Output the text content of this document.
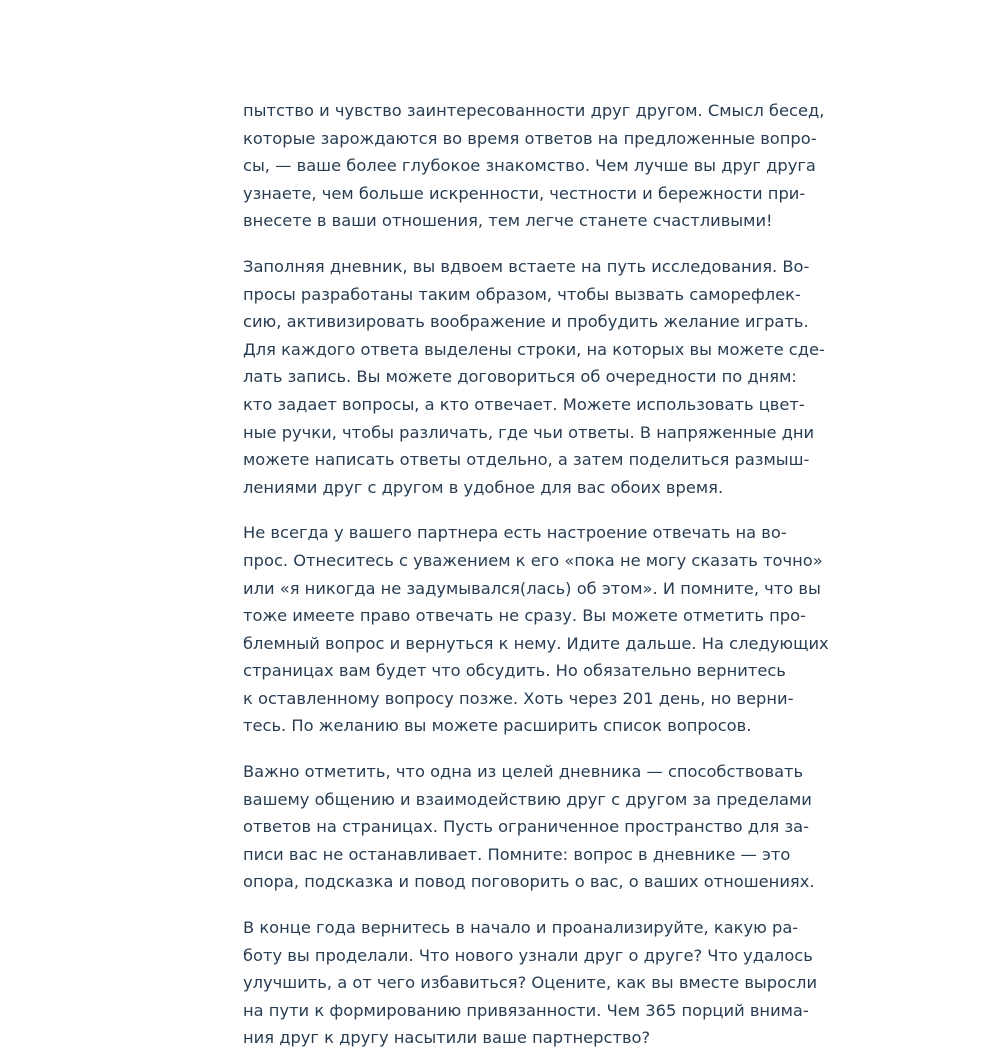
пытство и чувство заинтересованности друг другом. Смысл бесед,
которые зарождаются во время ответов на предложенные вопро-
сы, — ваше более глубокое знакомство. Чем лучше вы друг друга
узнаете, чем больше искренности, честности и бережности при-
внесете в ваши отношения, тем легче станете счастливыми!

Заполняя дневник, вы вдвоем встаете на путь исследования. Во-
просы разработаны таким образом, чтобы вызвать саморефлек-
сию, активизировать воображение и пробудить желание играть.
Для каждого ответа выделены строки, на которых вы можете сде-
лать запись. Вы можете договориться об очередности по дням:
кто задает вопросы, а кто отвечает. Можете использовать цвет-
ные ручки, чтобы различать, где чьи ответы. В напряженные дни
можете написать ответы отдельно, а затем поделиться размыш-
лениями друг с другом в удобное для вас обоих время.

Не всегда у вашего партнера есть настроение отвечать на во-
прос. Отнеситесь с уважением к его «пока не могу сказать точно»
или «я никогда не задумывался(лась) об этом». И помните, что вы
тоже имеете право отвечать не сразу. Вы можете отметить про-
блемный вопрос и вернуться к нему. Идите дальше. На следующих
страницах вам будет что обсудить. Но обязательно вернитесь
к оставленному вопросу позже. Хоть через 201 день, но верни-
тесь. По желанию вы можете расширить список вопросов.

Важно отметить, что одна из целей дневника — способствовать
вашему общению и взаимодействию друг с другом за пределами
ответов на страницах. Пусть ограниченное пространство для за-
писи вас не останавливает. Помните: вопрос в дневнике — это
опора, подсказка и повод поговорить о вас, о ваших отношениях.

В конце года вернитесь в начало и проанализируйте, какую ра-
боту вы проделали. Что нового узнали друг о друге? Что удалось
улучшить, а от чего избавиться? Оцените, как вы вместе выросли
на пути к формированию привязанности. Чем 365 порций внима-
ния друг к другу насытили ваше партнерство?
